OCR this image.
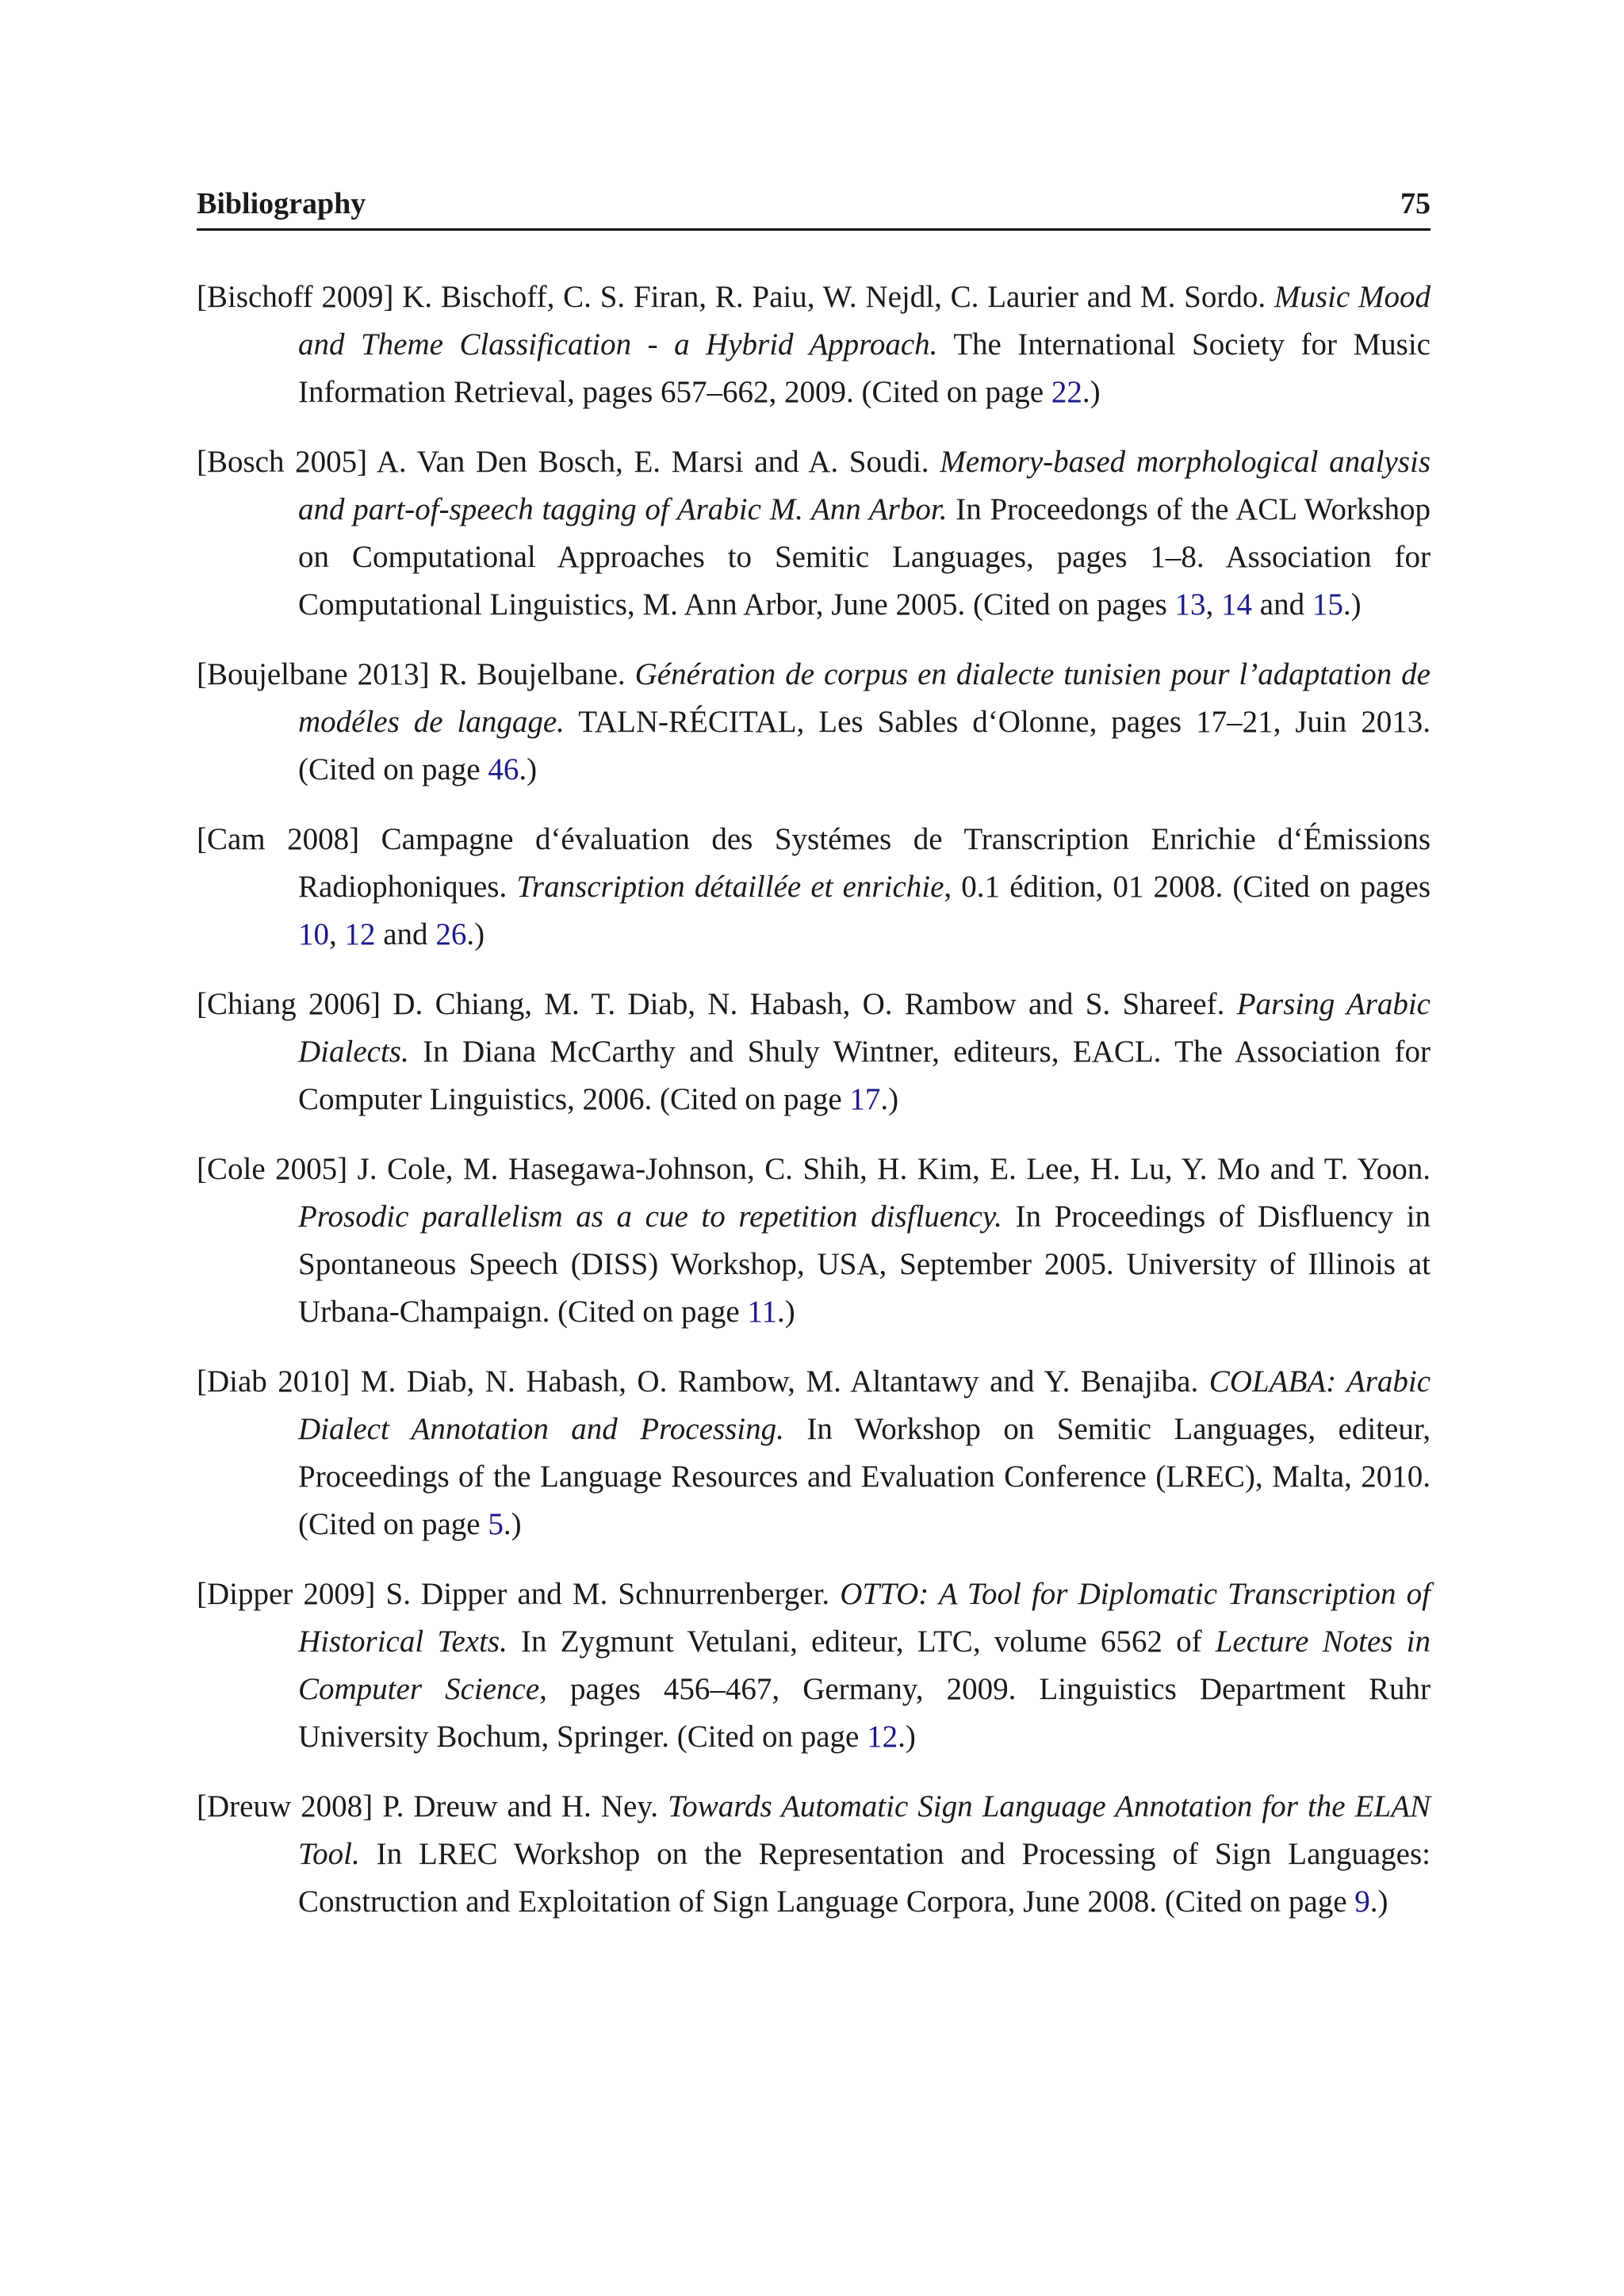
Bibliography	75

[Bischoff 2009] K. Bischoff, C. S. Firan, R. Paiu, W. Nejdl, C. Laurier and M. Sordo. Music Mood and Theme Classification - a Hybrid Approach. The International Society for Music Information Retrieval, pages 657–662, 2009. (Cited on page 22.)

[Bosch 2005] A. Van Den Bosch, E. Marsi and A. Soudi. Memory-based morphological analysis and part-of-speech tagging of Arabic M. Ann Arbor. In Proceedongs of the ACL Workshop on Computational Approaches to Semitic Languages, pages 1–8. Association for Computational Linguistics, M. Ann Arbor, June 2005. (Cited on pages 13, 14 and 15.)

[Boujelbane 2013] R. Boujelbane. Génération de corpus en dialecte tunisien pour l’adaptation de modéles de langage. TALN-RÉCITAL, Les Sables d‘Olonne, pages 17–21, Juin 2013. (Cited on page 46.)

[Cam 2008] Campagne d‘évaluation des Systémes de Transcription Enrichie d‘Émissions Radiophoniques. Transcription détaillée et enrichie, 0.1 édition, 01 2008. (Cited on pages 10, 12 and 26.)

[Chiang 2006] D. Chiang, M. T. Diab, N. Habash, O. Rambow and S. Shareef. Parsing Arabic Dialects. In Diana McCarthy and Shuly Wintner, editeurs, EACL. The Association for Computer Linguistics, 2006. (Cited on page 17.)

[Cole 2005] J. Cole, M. Hasegawa-Johnson, C. Shih, H. Kim, E. Lee, H. Lu, Y. Mo and T. Yoon. Prosodic parallelism as a cue to repetition disfluency. In Proceedings of Disfluency in Spontaneous Speech (DISS) Workshop, USA, September 2005. University of Illinois at Urbana-Champaign. (Cited on page 11.)

[Diab 2010] M. Diab, N. Habash, O. Rambow, M. Altantawy and Y. Benajiba. COLABA: Arabic Dialect Annotation and Processing. In Workshop on Semitic Languages, editeur, Proceedings of the Language Resources and Evaluation Conference (LREC), Malta, 2010. (Cited on page 5.)

[Dipper 2009] S. Dipper and M. Schnurrenberger. OTTO: A Tool for Diplomatic Transcription of Historical Texts. In Zygmunt Vetulani, editeur, LTC, volume 6562 of Lecture Notes in Computer Science, pages 456–467, Germany, 2009. Linguistics Department Ruhr University Bochum, Springer. (Cited on page 12.)

[Dreuw 2008] P. Dreuw and H. Ney. Towards Automatic Sign Language Annotation for the ELAN Tool. In LREC Workshop on the Representation and Processing of Sign Languages: Construction and Exploitation of Sign Language Corpora, June 2008. (Cited on page 9.)
